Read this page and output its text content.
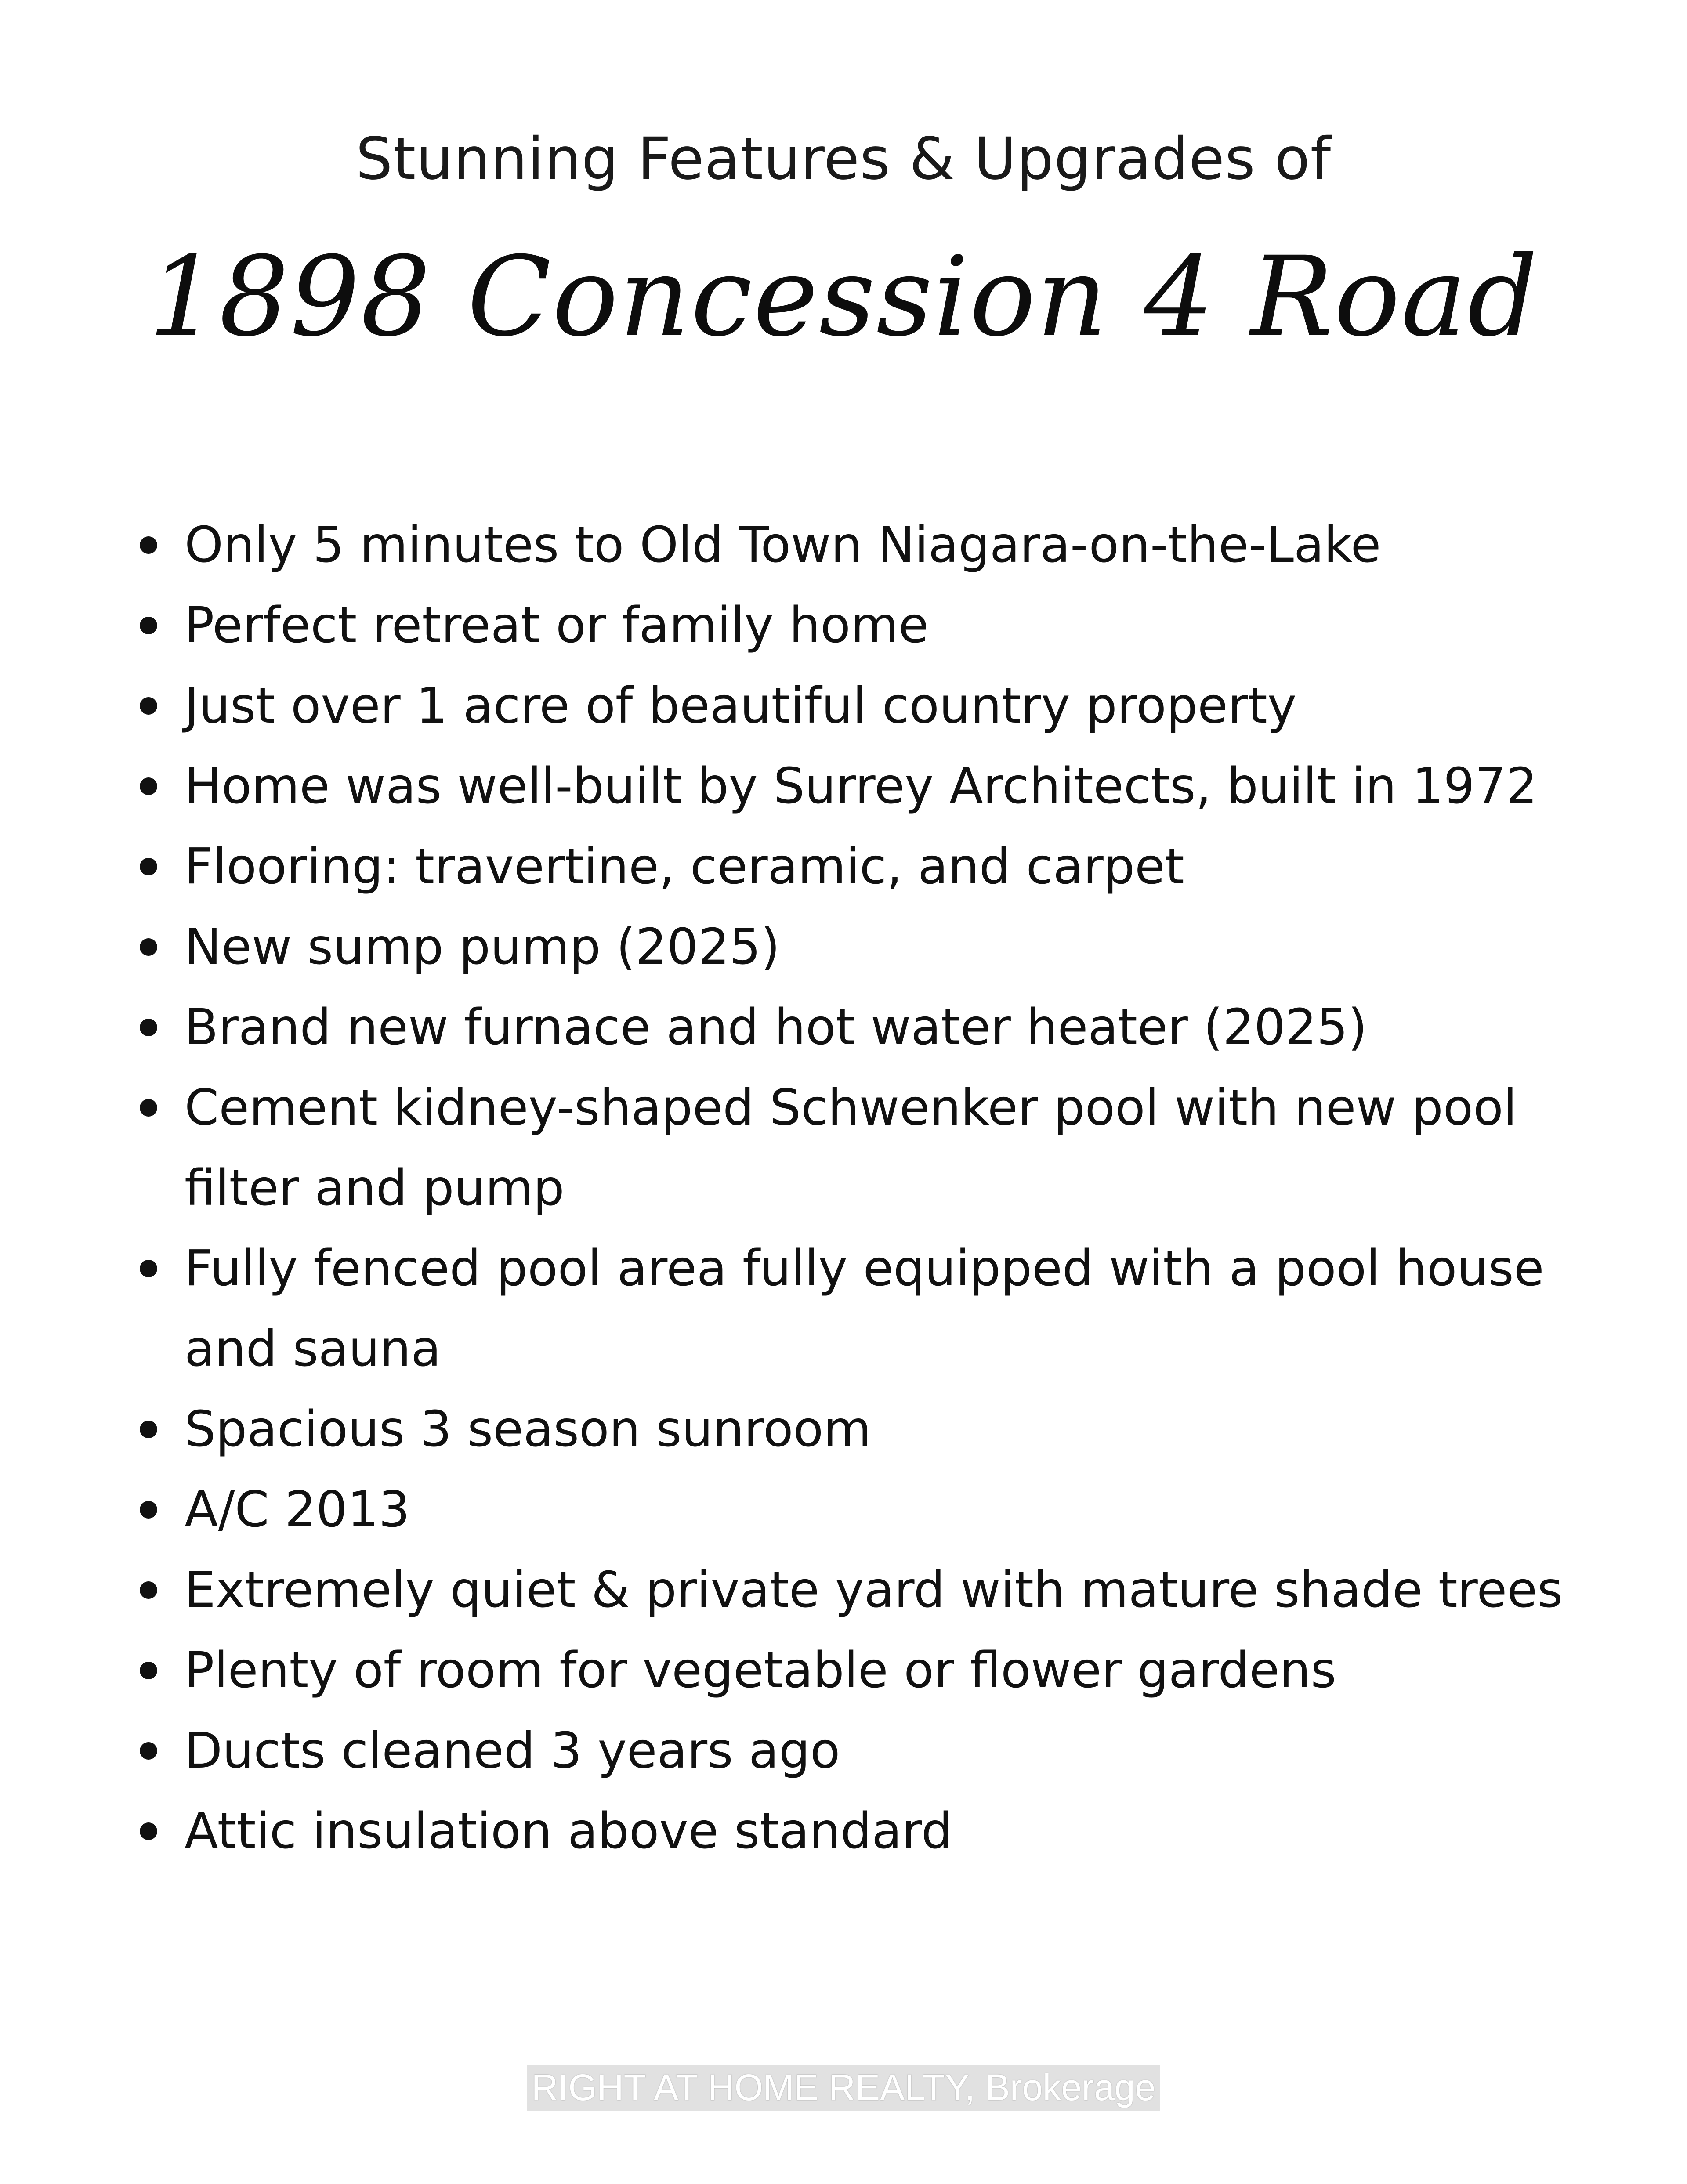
Stunning Features & Upgrades of
1898 Concession 4 Road
Only 5 minutes to Old Town Niagara-on-the-Lake
Perfect retreat or family home
Just over 1 acre of beautiful country property
Home was well-built by Surrey Architects, built in 1972
Flooring: travertine, ceramic, and carpet
New sump pump (2025)
Brand new furnace and hot water heater (2025)
Cement kidney-shaped Schwenker pool with new pool filter and pump
Fully fenced pool area fully equipped with a pool house and sauna
Spacious 3 season sunroom
A/C 2013
Extremely quiet & private yard with mature shade trees
Plenty of room for vegetable or flower gardens
Ducts cleaned 3 years ago
Attic insulation above standard
RIGHT AT HOME REALTY, Brokerage
